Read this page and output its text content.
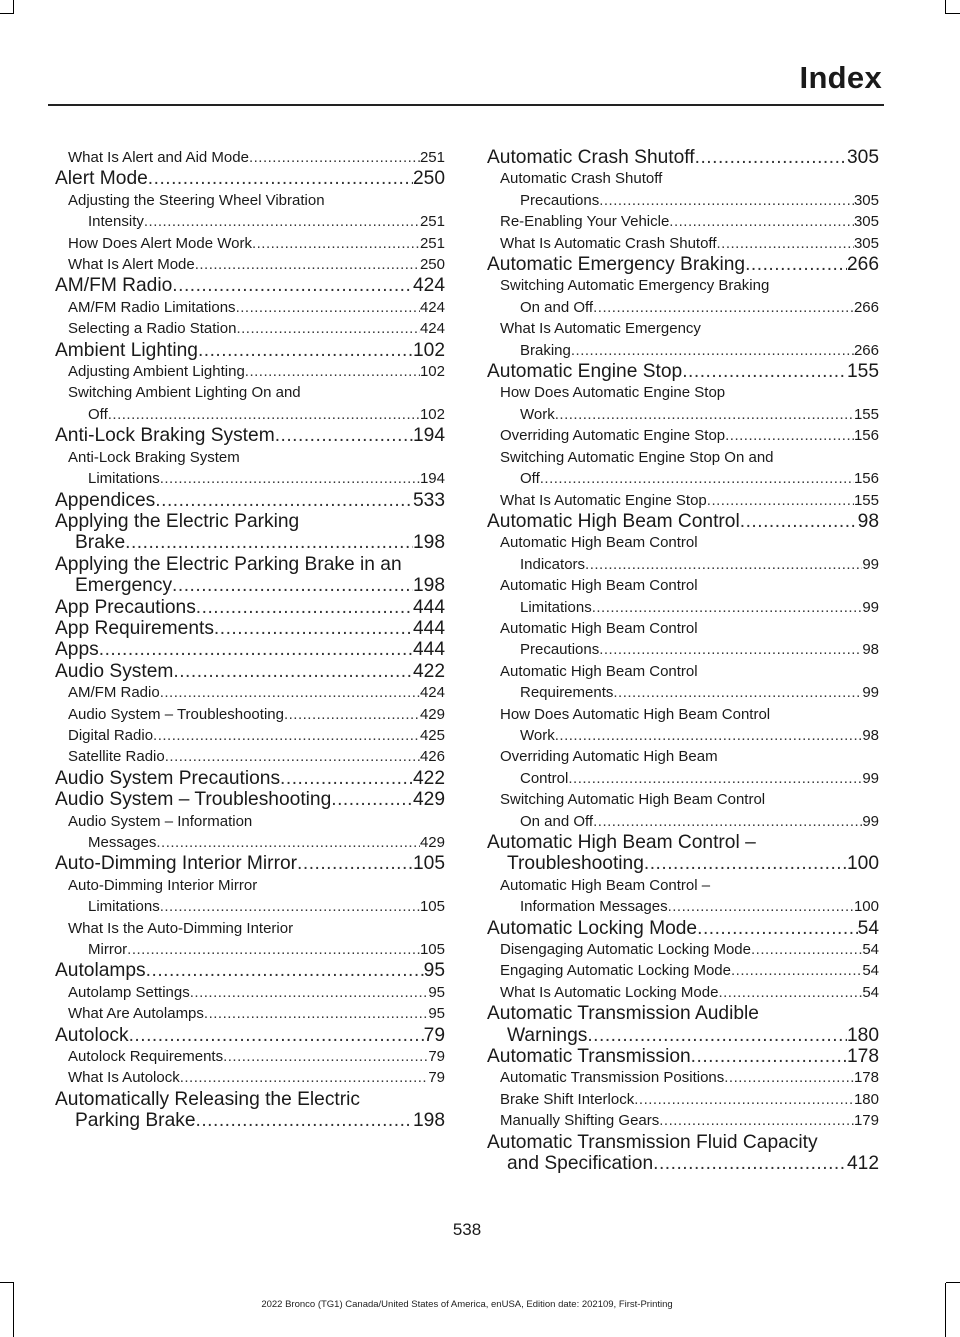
Index
What Is Alert and Aid Mode .....	251
Alert Mode .....	250
Adjusting the Steering Wheel Vibration
Intensity .....	251
How Does Alert Mode Work .....	251
What Is Alert Mode .....	250
AM/FM Radio .....	424
AM/FM Radio Limitations .....	424
Selecting a Radio Station .....	424
Ambient Lighting .....	102
Adjusting Ambient Lighting .....	102
Switching Ambient Lighting On and
Off .....	102
Anti-Lock Braking System .....	194
Anti-Lock Braking System
Limitations .....	194
Appendices .....	533
Applying the Electric Parking
Brake .....	198
Applying the Electric Parking Brake in an
Emergency .....	198
App Precautions .....	444
App Requirements .....	444
Apps .....	444
Audio System .....	422
AM/FM Radio .....	424
Audio System – Troubleshooting .....	429
Digital Radio .....	425
Satellite Radio .....	426
Audio System Precautions .....	422
Audio System – Troubleshooting .....	429
Audio System – Information
Messages .....	429
Auto-Dimming Interior Mirror .....	105
Auto-Dimming Interior Mirror
Limitations .....	105
What Is the Auto-Dimming Interior
Mirror .....	105
Autolamps .....	95
Autolamp Settings .....	95
What Are Autolamps .....	95
Autolock .....	79
Autolock Requirements .....	79
What Is Autolock .....	79
Automatically Releasing the Electric
Parking Brake .....	198
Automatic Crash Shutoff .....	305
Automatic Crash Shutoff
Precautions .....	305
Re-Enabling Your Vehicle .....	305
What Is Automatic Crash Shutoff .....	305
Automatic Emergency Braking .....	266
Switching Automatic Emergency Braking
On and Off .....	266
What Is Automatic Emergency
Braking .....	266
Automatic Engine Stop .....	155
How Does Automatic Engine Stop
Work .....	155
Overriding Automatic Engine Stop .....	156
Switching Automatic Engine Stop On and
Off .....	156
What Is Automatic Engine Stop .....	155
Automatic High Beam Control .....	98
Automatic High Beam Control
Indicators .....	99
Automatic High Beam Control
Limitations .....	99
Automatic High Beam Control
Precautions .....	98
Automatic High Beam Control
Requirements .....	99
How Does Automatic High Beam Control
Work .....	98
Overriding Automatic High Beam
Control .....	99
Switching Automatic High Beam Control
On and Off .....	99
Automatic High Beam Control –
Troubleshooting .....	100
Automatic High Beam Control –
Information Messages .....	100
Automatic Locking Mode .....	54
Disengaging Automatic Locking Mode .....	54
Engaging Automatic Locking Mode .....	54
What Is Automatic Locking Mode .....	54
Automatic Transmission Audible
Warnings .....	180
Automatic Transmission .....	178
Automatic Transmission Positions .....	178
Brake Shift Interlock .....	180
Manually Shifting Gears .....	179
Automatic Transmission Fluid Capacity
and Specification .....	412
538
2022 Bronco (TG1) Canada/United States of America, enUSA, Edition date: 202109, First-Printing
